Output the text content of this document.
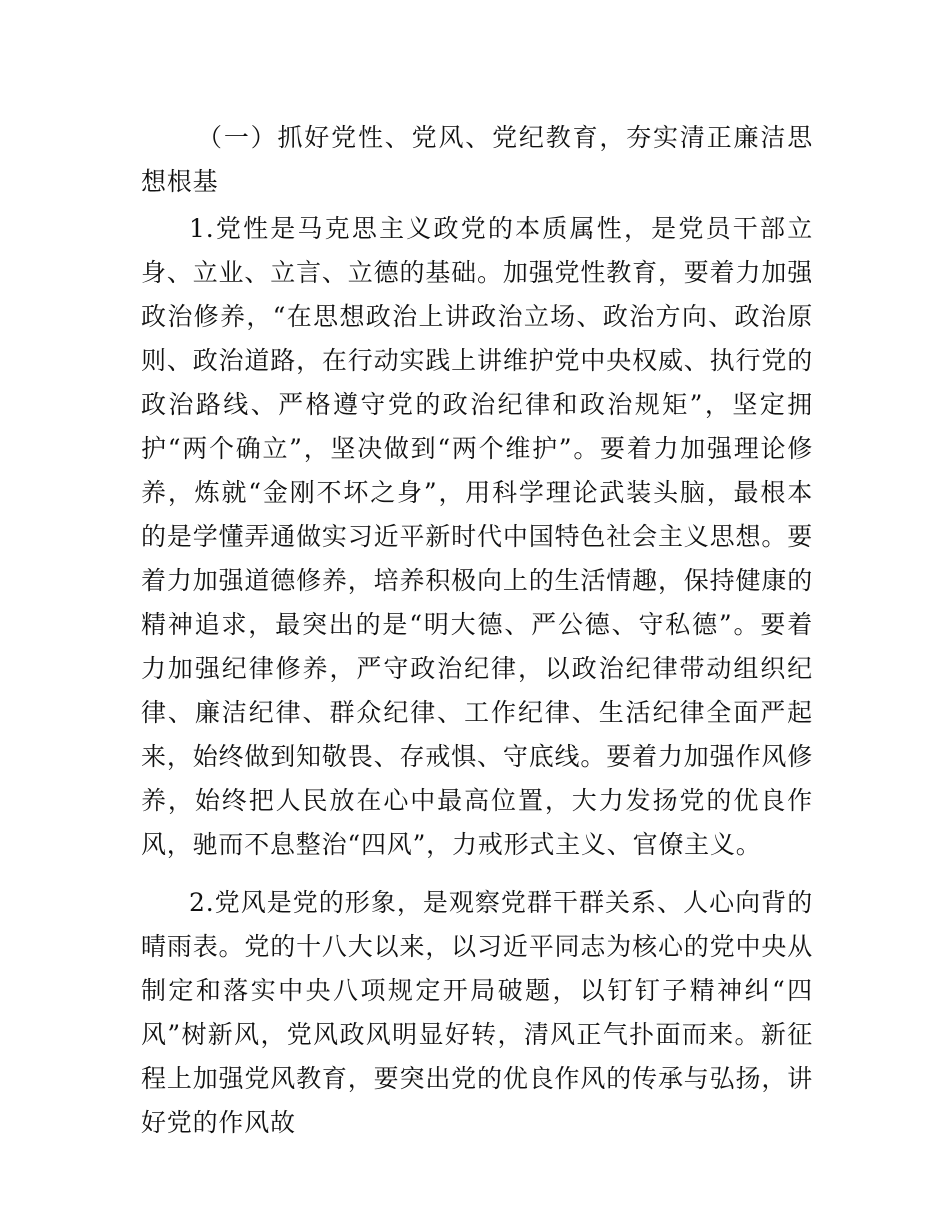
（一）抓好党性、党风、党纪教育，夯实清正廉洁思想根基

1.党性是马克思主义政党的本质属性，是党员干部立身、立业、立言、立德的基础。加强党性教育，要着力加强政治修养，“在思想政治上讲政治立场、政治方向、政治原则、政治道路，在行动实践上讲维护党中央权威、执行党的政治路线、严格遵守党的政治纪律和政治规矩”，坚定拥护“两个确立”，坚决做到“两个维护”。要着力加强理论修养，炼就“金刚不坏之身”，用科学理论武装头脑，最根本的是学懂弄通做实习近平新时代中国特色社会主义思想。要着力加强道德修养，培养积极向上的生活情趣，保持健康的精神追求，最突出的是“明大德、严公德、守私德”。要着力加强纪律修养，严守政治纪律，以政治纪律带动组织纪律、廉洁纪律、群众纪律、工作纪律、生活纪律全面严起来，始终做到知敬畏、存戒惧、守底线。要着力加强作风修养，始终把人民放在心中最高位置，大力发扬党的优良作风，驰而不息整治“四风”，力戒形式主义、官僚主义。

2.党风是党的形象，是观察党群干群关系、人心向背的晴雨表。党的十八大以来，以习近平同志为核心的党中央从制定和落实中央八项规定开局破题，以钉钉子精神纠“四风”树新风，党风政风明显好转，清风正气扑面而来。新征程上加强党风教育，要突出党的优良作风的传承与弘扬，讲好党的作风故
